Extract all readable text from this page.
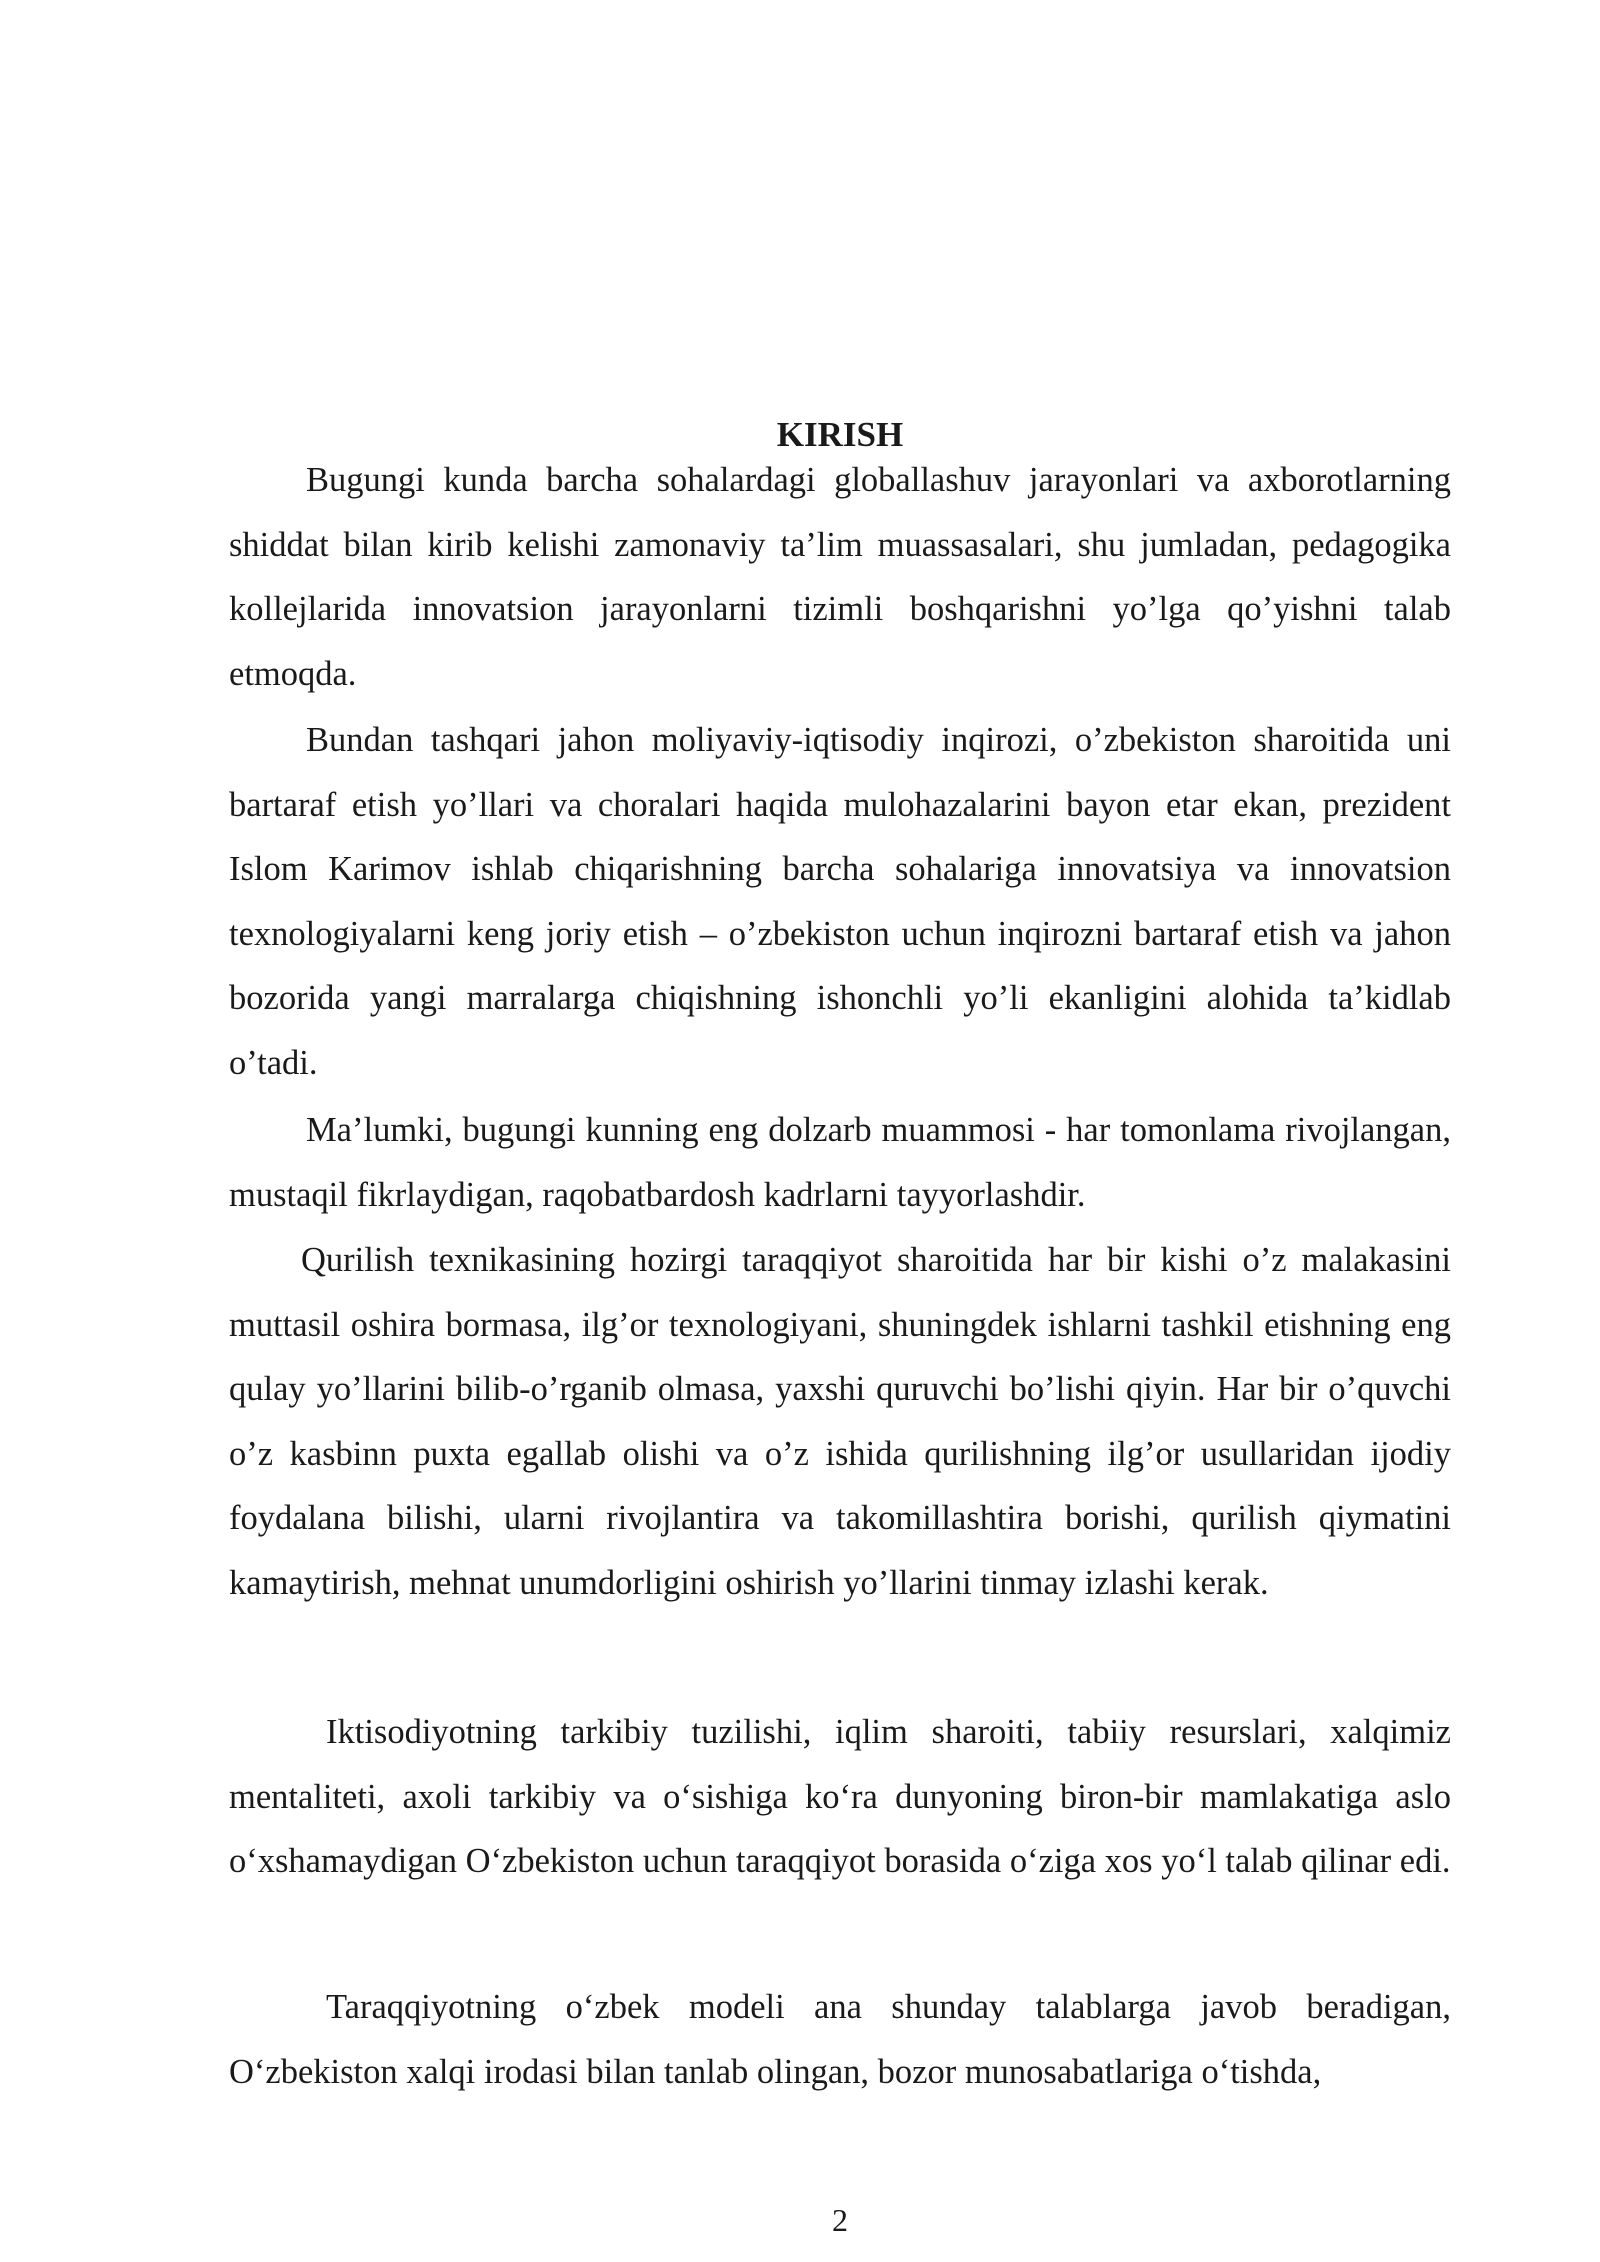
KIRISH

Bugungi kunda barcha sohalardagi globallashuv jarayonlari va axborotlarning shiddat bilan kirib kelishi zamonaviy ta’lim muassasalari, shu jumladan, pedagogika kollejlarida innovatsion jarayonlarni tizimli boshqarishni yo’lga qo’yishni talab etmoqda.

Bundan tashqari jahon moliyaviy-iqtisodiy inqirozi, o’zbekiston sharoitida uni bartaraf etish yo’llari va choralari haqida mulohazalarini bayon etar ekan, prezident Islom Karimov ishlab chiqarishning barcha sohalariga innovatsiya va innovatsion texnologiyalarni keng joriy etish – o’zbekiston uchun inqirozni bartaraf etish va jahon bozorida yangi marralarga chiqishning ishonchli yo’li ekanligini alohida ta’kidlab o’tadi.

Ma’lumki, bugungi kunning eng dolzarb muammosi - har tomonlama rivojlangan, mustaqil fikrlaydigan, raqobatbardosh kadrlarni tayyorlashdir.

Qurilish texnikasining hozirgi taraqqiyot sharoitida har bir kishi o’z malakasini muttasil oshira bormasa, ilg’or texnologiyani, shuningdek ishlarni tashkil etishning eng qulay yo’llarini bilib-o’rganib olmasa, yaxshi quruvchi bo’lishi qiyin. Har bir o’quvchi o’z kasbinn puxta egallab olishi va o’z ishida qurilishning ilg’or usullaridan ijodiy foydalana bilishi, ularni rivojlantira va takomillashtira borishi, qurilish qiymatini kamaytirish, mehnat unumdorligini oshirish yo’llarini tinmay izlashi kerak.

Iktisodiyotning tarkibiy tuzilishi, iqlim sharoiti, tabiiy resurslari, xalqimiz mentaliteti, axoli tarkibiy va o‘sishiga ko‘ra dunyoning biron-bir mamlakatiga aslo o‘xshamaydigan O‘zbekiston uchun taraqqiyot borasida o‘ziga xos yo‘l talab qilinar edi.

Taraqqiyotning o‘zbek modeli ana shunday talablarga javob beradigan, O‘zbekiston xalqi irodasi bilan tanlab olingan, bozor munosabatlariga o‘tishda,

2
